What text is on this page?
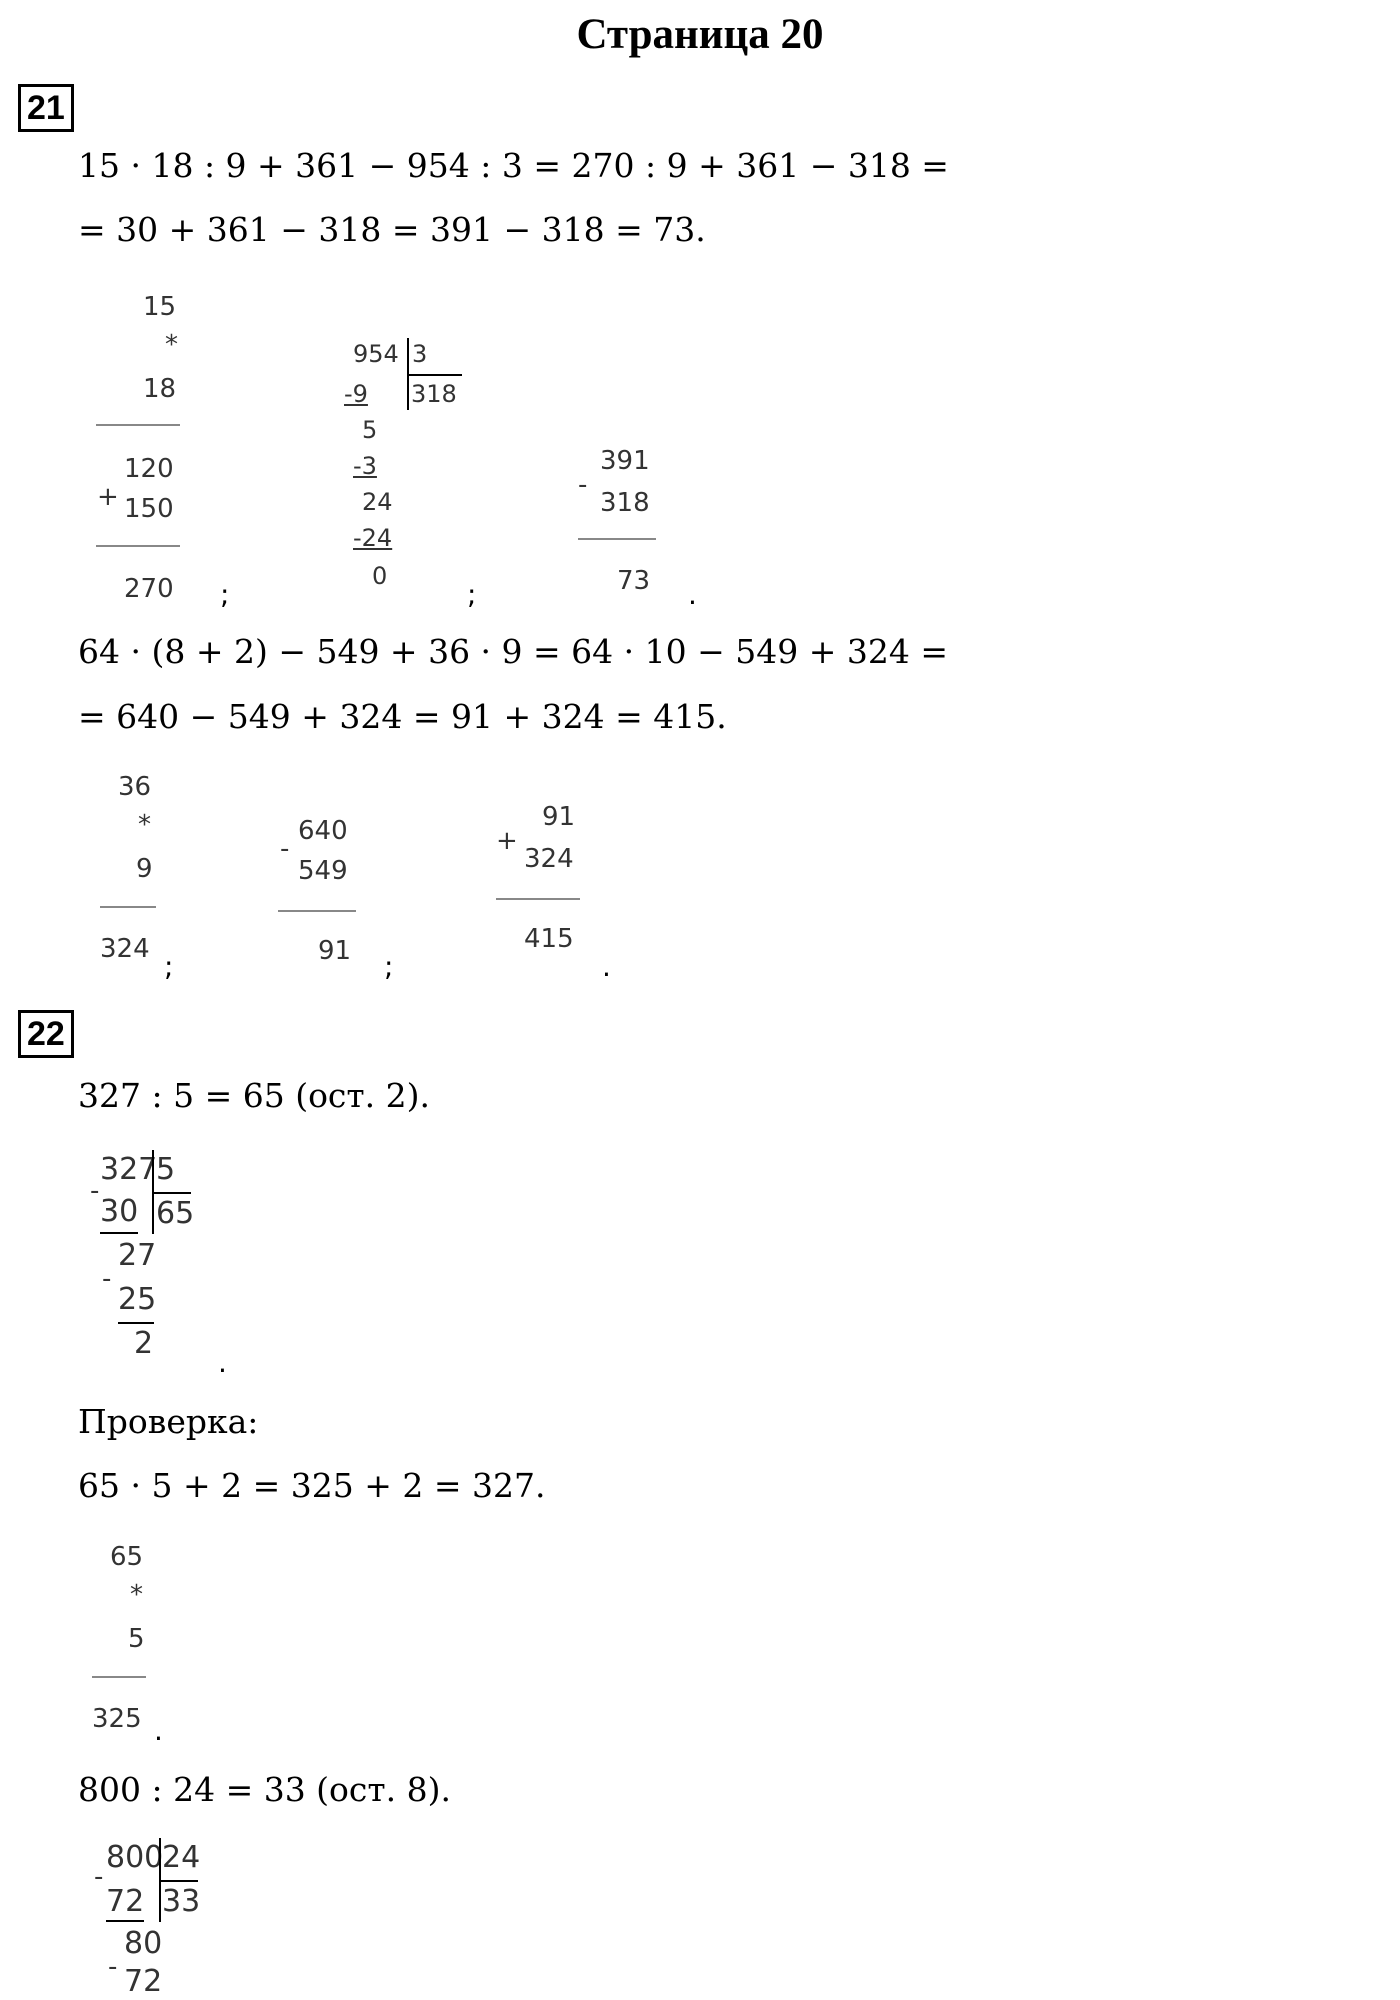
Страница 20
21
15 · 18 : 9 + 361 − 954 : 3 = 270 : 9 + 361 − 318 =
= 30 + 361 − 318 = 391 − 318 = 73.
15
*
18
+
120
150
270 ;
954 3
318
-9
5
-3
24
-24
0
;
-
391
318
73 .
64 · (8 + 2) − 549 + 36 · 9 = 64 · 10 − 549 + 324 =
= 640 − 549 + 324 = 91 + 324 = 415.
36
*
9
324
;
-
640
549
91 ;
+
91
324
415
.
22
327 : 5 = 65 (ост. 2).
327
5
65
-
30
27
-
25
2
.
Проверка:
65 · 5 + 2 = 325 + 2 = 327.
65
*
5
325 .
800 : 24 = 33 (ост. 8).
800
24
33
-
72
80
- 72
